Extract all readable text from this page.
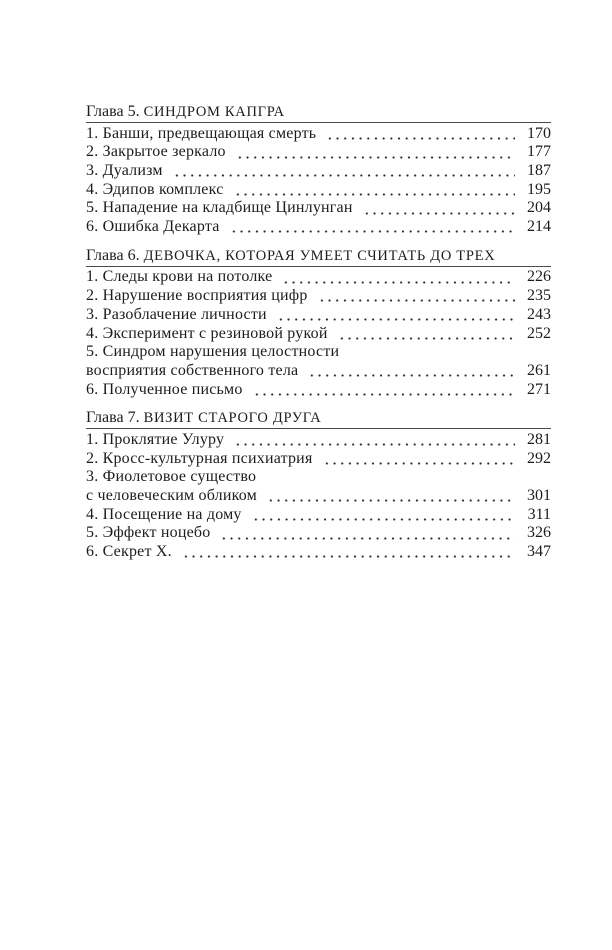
Глава 5. СИНДРОМ КАПГРА
1. Банши, предвещающая смерть	170
2. Закрытое зеркало	177
3. Дуализм	187
4. Эдипов комплекс	195
5. Нападение на кладбище Цинлунган	204
6. Ошибка Декарта	214
Глава 6. ДЕВОЧКА, КОТОРАЯ УМЕЕТ СЧИТАТЬ ДО ТРЕХ
1. Следы крови на потолке	226
2. Нарушение восприятия цифр	235
3. Разоблачение личности	243
4. Эксперимент с резиновой рукой	252
5. Синдром нарушения целостности
восприятия собственного тела	261
6. Полученное письмо	271
Глава 7. ВИЗИТ СТАРОГО ДРУГА
1. Проклятие Улуру	281
2. Кросс-культурная психиатрия	292
3. Фиолетовое существо
с человеческим обликом	301
4. Посещение на дому	311
5. Эффект ноцебо	326
6. Секрет Х.	347
